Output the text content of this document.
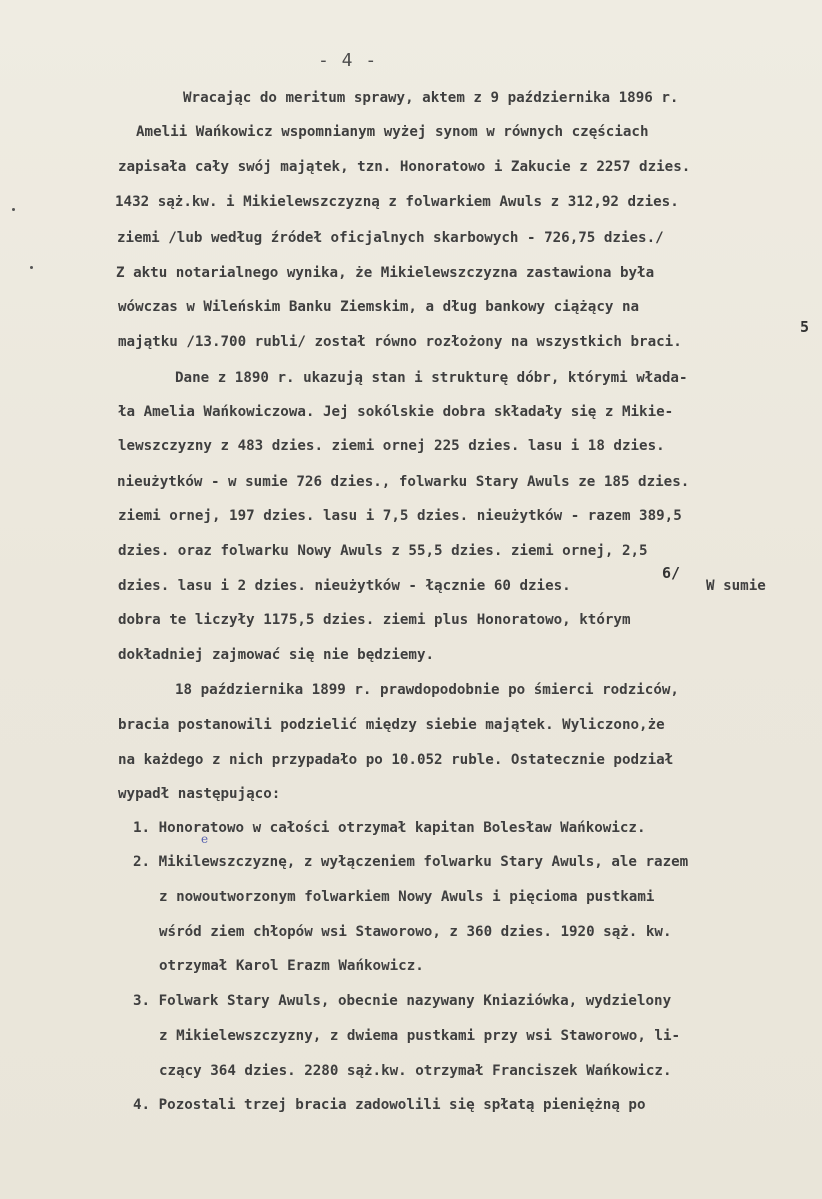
- 4 -
Wracając do meritum sprawy, aktem z 9 października 1896 r.
Amelii Wańkowicz wspomnianym wyżej synom w równych częściach
zapisała cały swój majątek, tzn. Honoratowo i Zakucie z 2257 dzies.
1432 sąż.kw. i Mikielewszczyzną z folwarkiem Awuls z 312,92 dzies.
ziemi /lub według źródeł oficjalnych skarbowych - 726,75 dzies./
Z aktu notarialnego wynika, że Mikielewszczyzna zastawiona była
wówczas w Wileńskim Banku Ziemskim, a dług bankowy ciążący na
majątku /13.700 rubli/ został równo rozłożony na wszystkich braci.
5
Dane z 1890 r. ukazują stan i strukturę dóbr, którymi włada-
ła Amelia Wańkowiczowa. Jej sokólskie dobra składały się z Mikie-
lewszczyzny z 483 dzies. ziemi ornej 225 dzies. lasu i 18 dzies.
nieużytków - w sumie 726 dzies., folwarku Stary Awuls ze 185 dzies.
ziemi ornej, 197 dzies. lasu i 7,5 dzies. nieużytków - razem 389,5
dzies. oraz folwarku Nowy Awuls z 55,5 dzies. ziemi ornej, 2,5
dzies. lasu i 2 dzies. nieużytków - łącznie 60 dzies.
6/
W sumie
dobra te liczyły 1175,5 dzies. ziemi plus Honoratowo, którym
dokładniej zajmować się nie będziemy.
18 października 1899 r. prawdopodobnie po śmierci rodziców,
bracia postanowili podzielić między siebie majątek. Wyliczono,że
na każdego z nich przypadało po 10.052 ruble. Ostatecznie podział
wypadł następująco:
1. Honoratowo w całości otrzymał kapitan Bolesław Wańkowicz.
e
2. Mikilewszczyznę, z wyłączeniem folwarku Stary Awuls, ale razem
z nowoutworzonym folwarkiem Nowy Awuls i pięcioma pustkami
wśród ziem chłopów wsi Staworowo, z 360 dzies. 1920 sąż. kw.
otrzymał Karol Erazm Wańkowicz.
3. Folwark Stary Awuls, obecnie nazywany Kniaziówka, wydzielony
z Mikielewszczyzny, z dwiema pustkami przy wsi Staworowo, li-
czący 364 dzies. 2280 sąż.kw. otrzymał Franciszek Wańkowicz.
4. Pozostali trzej bracia zadowolili się spłatą pieniężną po
